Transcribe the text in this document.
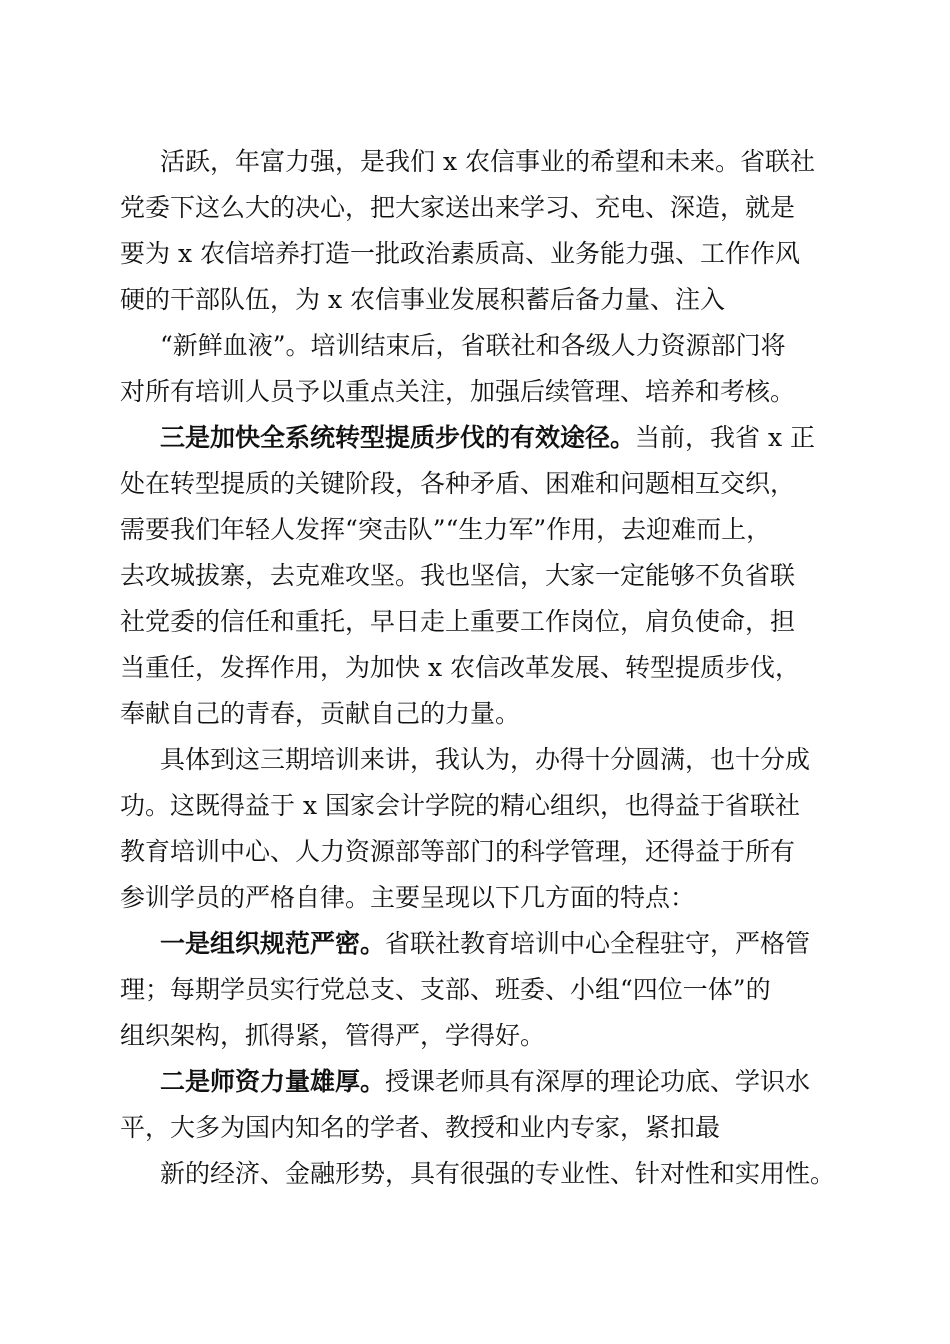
活跃，年富力强，是我们 x 农信事业的希望和未来。省联社
党委下这么大的决心，把大家送出来学习、充电、深造，就是
要为 x 农信培养打造一批政治素质高、业务能力强、工作作风
硬的干部队伍，为 x 农信事业发展积蓄后备力量、注入
“新鲜血液”。培训结束后，省联社和各级人力资源部门将
对所有培训人员予以重点关注，加强后续管理、培养和考核。
三是加快全系统转型提质步伐的有效途径。当前，我省 x 正
处在转型提质的关键阶段，各种矛盾、困难和问题相互交织，
需要我们年轻人发挥“突击队”“生力军”作用，去迎难而上，
去攻城拔寨，去克难攻坚。我也坚信，大家一定能够不负省联
社党委的信任和重托，早日走上重要工作岗位，肩负使命，担
当重任，发挥作用，为加快 x 农信改革发展、转型提质步伐，
奉献自己的青春，贡献自己的力量。
具体到这三期培训来讲，我认为，办得十分圆满，也十分成
功。这既得益于 x 国家会计学院的精心组织，也得益于省联社
教育培训中心、人力资源部等部门的科学管理，还得益于所有
参训学员的严格自律。主要呈现以下几方面的特点：
一是组织规范严密。省联社教育培训中心全程驻守，严格管
理；每期学员实行党总支、支部、班委、小组“四位一体”的
组织架构，抓得紧，管得严，学得好。
二是师资力量雄厚。授课老师具有深厚的理论功底、学识水
平，大多为国内知名的学者、教授和业内专家，紧扣最
新的经济、金融形势，具有很强的专业性、针对性和实用性。
